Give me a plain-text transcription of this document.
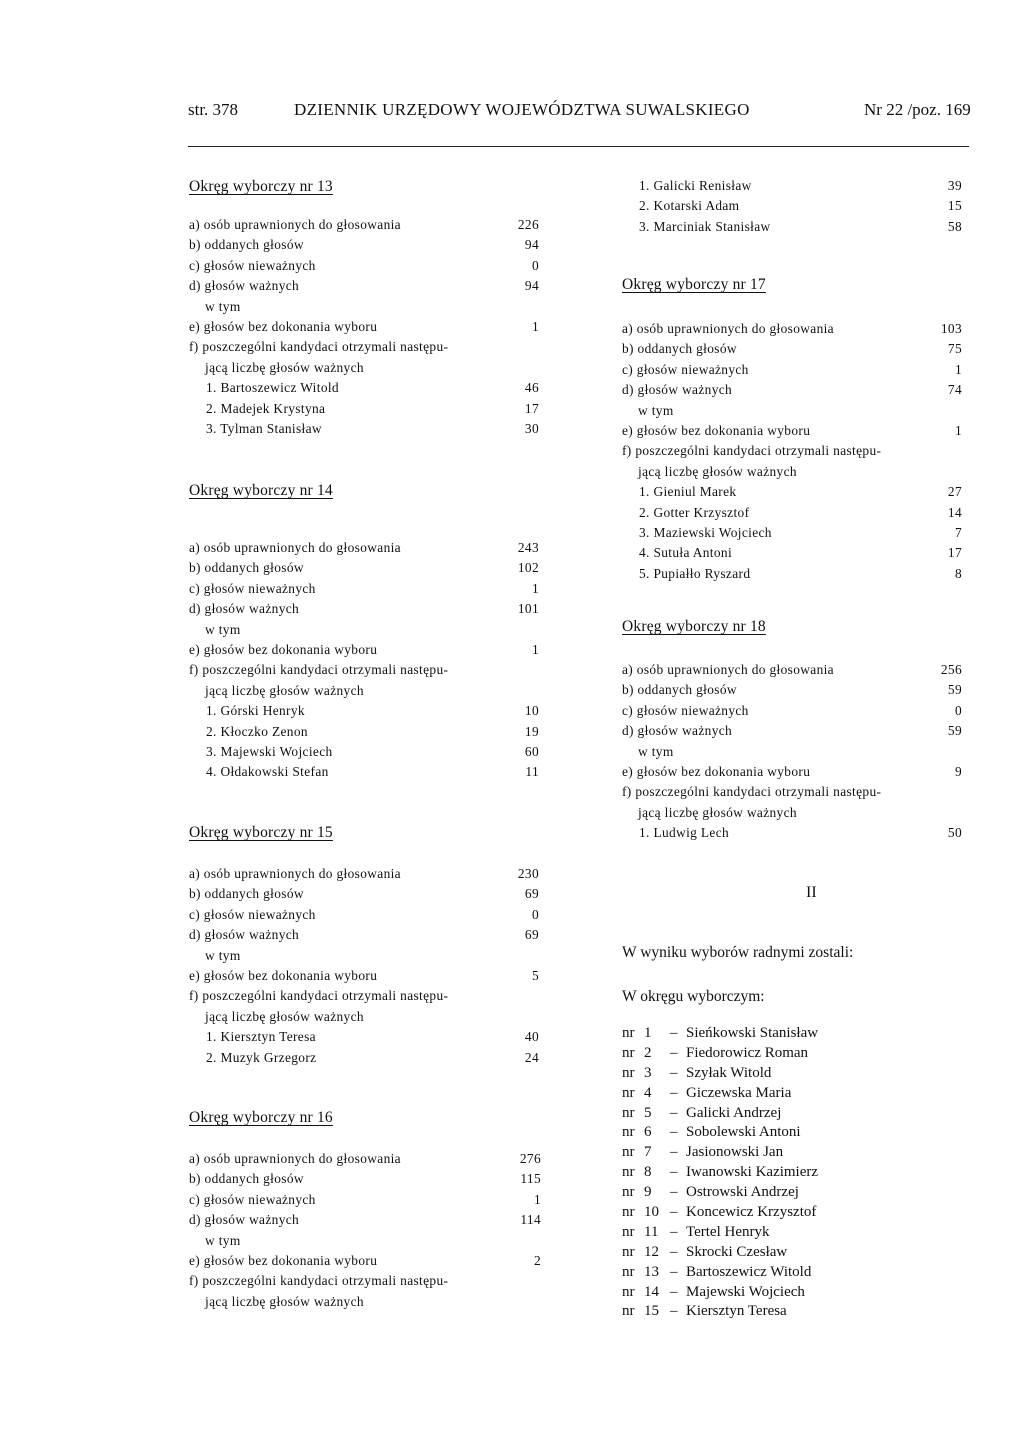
str. 378	DZIENNIK URZĘDOWY WOJEWÓDZTWA SUWALSKIEGO	Nr 22 /poz. 169
Okręg wyborczy nr 13
a) osób uprawnionych do głosowania	226
b) oddanych głosów	94
c) głosów nieważnych	0
d) głosów ważnych	94
w tym
e) głosów bez dokonania wyboru	1
f) poszczególni kandydaci otrzymali następu-
jącą liczbę głosów ważnych
1. Bartoszewicz Witold	46
2. Madejek Krystyna	17
3. Tylman Stanisław	30
Okręg wyborczy nr 14
a) osób uprawnionych do głosowania	243
b) oddanych głosów	102
c) głosów nieważnych	1
d) głosów ważnych	101
w tym
e) głosów bez dokonania wyboru	1
f) poszczególni kandydaci otrzymali następu-
jącą liczbę głosów ważnych
1. Górski Henryk	10
2. Kłoczko Zenon	19
3. Majewski Wojciech	60
4. Ołdakowski Stefan	11
Okręg wyborczy nr 15
a) osób uprawnionych do głosowania	230
b) oddanych głosów	69
c) głosów nieważnych	0
d) głosów ważnych	69
w tym
e) głosów bez dokonania wyboru	5
f) poszczególni kandydaci otrzymali następu-
jącą liczbę głosów ważnych
1. Kiersztyn Teresa	40
2. Muzyk Grzegorz	24
Okręg wyborczy nr 16
a) osób uprawnionych do głosowania	276
b) oddanych głosów	115
c) głosów nieważnych	1
d) głosów ważnych	114
w tym
e) głosów bez dokonania wyboru	2
f) poszczególni kandydaci otrzymali następu-
jącą liczbę głosów ważnych
1. Galicki Renisław	39
2. Kotarski Adam	15
3. Marciniak Stanisław	58
Okręg wyborczy nr 17
a) osób uprawnionych do głosowania	103
b) oddanych głosów	75
c) głosów nieważnych	1
d) głosów ważnych	74
w tym
e) głosów bez dokonania wyboru	1
f) poszczególni kandydaci otrzymali następu-
jącą liczbę głosów ważnych
1. Gieniul Marek	27
2. Gotter Krzysztof	14
3. Maziewski Wojciech	7
4. Sutuła Antoni	17
5. Pupiałło Ryszard	8
Okręg wyborczy nr 18
a) osób uprawnionych do głosowania	256
b) oddanych głosów	59
c) głosów nieważnych	0
d) głosów ważnych	59
w tym
e) głosów bez dokonania wyboru	9
f) poszczególni kandydaci otrzymali następu-
jącą liczbę głosów ważnych
1. Ludwig Lech	50
II
W wyniku wyborów radnymi zostali:
W okręgu wyborczym:
nr 1 – Sieńkowski Stanisław
nr 2 – Fiedorowicz Roman
nr 3 – Szyłak Witold
nr 4 – Giczewska Maria
nr 5 – Galicki Andrzej
nr 6 – Sobolewski Antoni
nr 7 – Jasionowski Jan
nr 8 – Iwanowski Kazimierz
nr 9 – Ostrowski Andrzej
nr 10 – Koncewicz Krzysztof
nr 11 – Tertel Henryk
nr 12 – Skrocki Czesław
nr 13 – Bartoszewicz Witold
nr 14 – Majewski Wojciech
nr 15 – Kiersztyn Teresa
